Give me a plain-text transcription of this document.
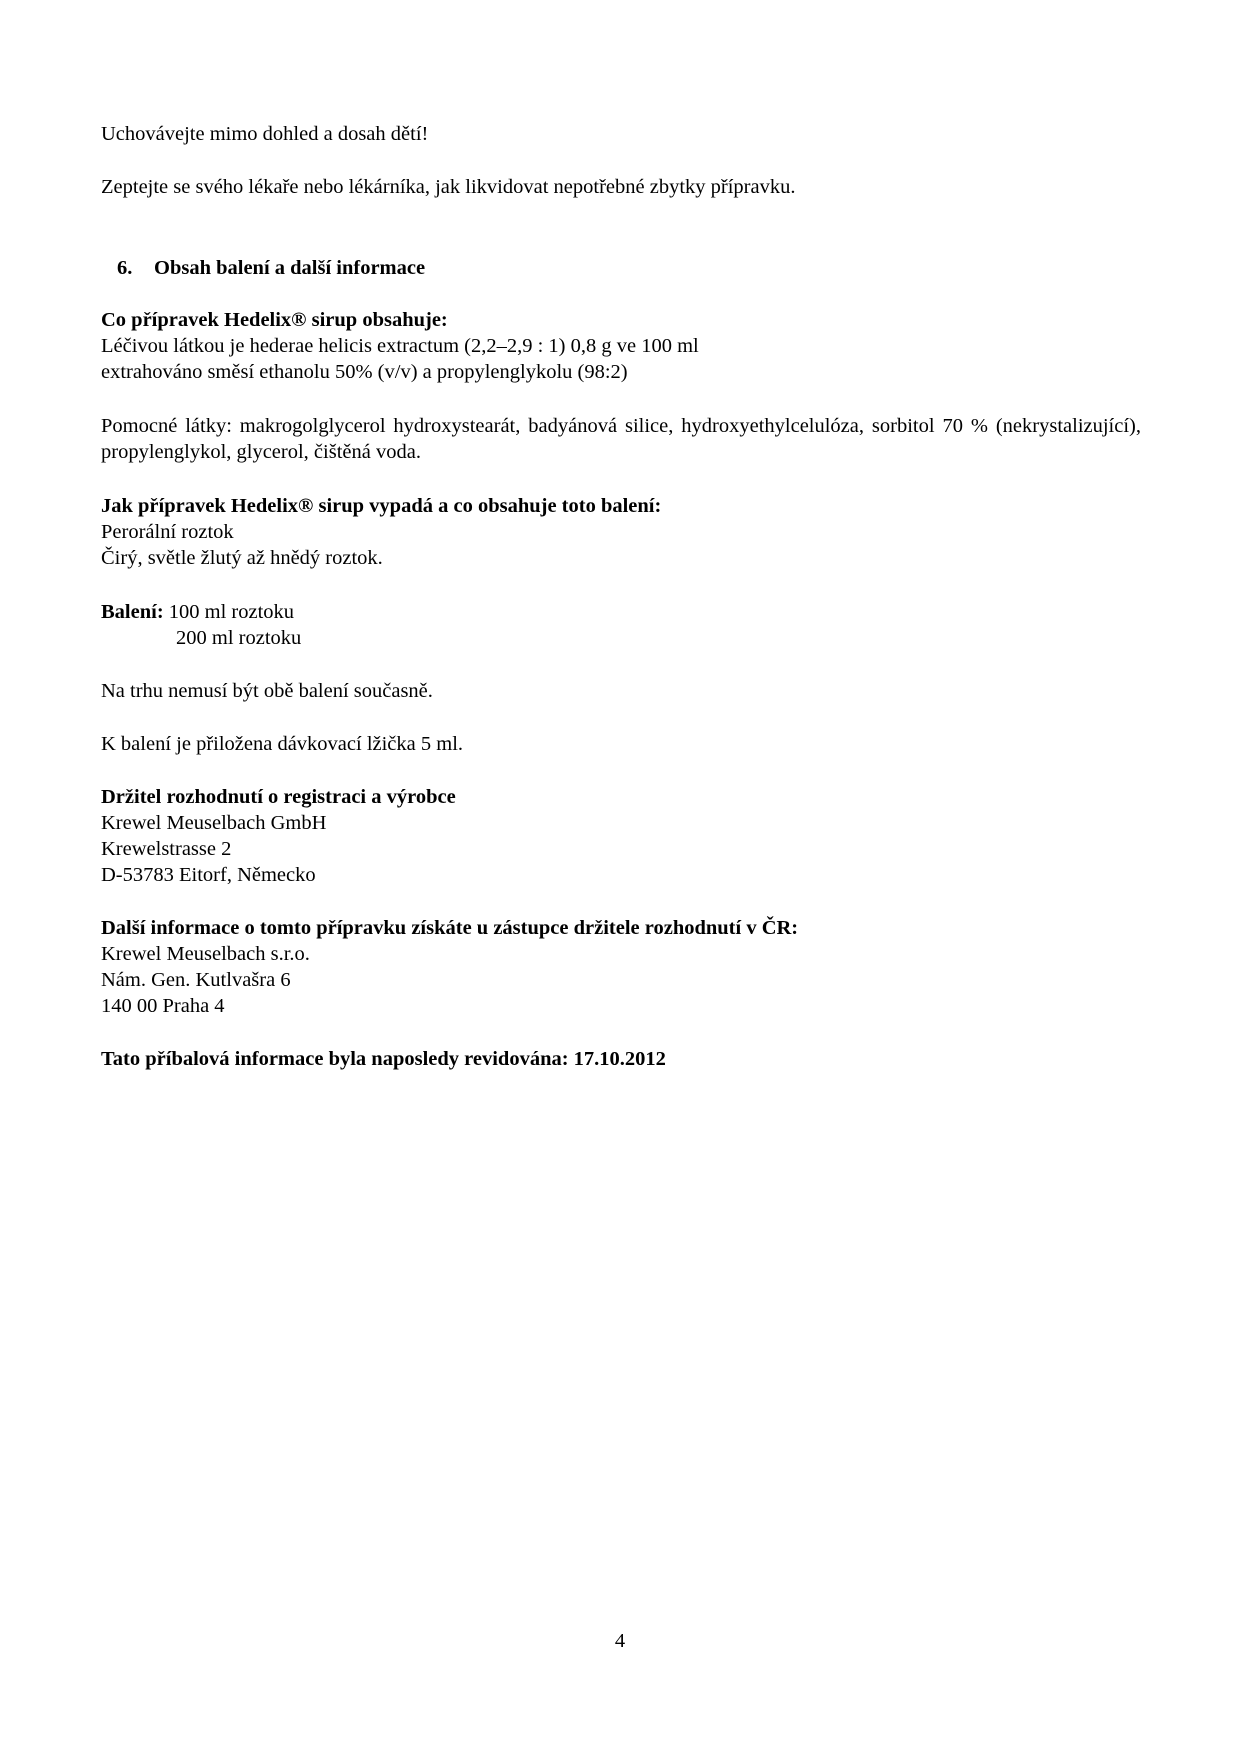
Uchovávejte mimo dohled a dosah dětí!
Zeptejte se svého lékaře nebo lékárníka, jak likvidovat nepotřebné zbytky přípravku.
6. Obsah balení a další informace
Co přípravek Hedelix® sirup obsahuje:
Léčivou látkou je hederae helicis extractum (2,2–2,9 : 1) 0,8 g ve 100 ml
extrahováno směsí ethanolu 50% (v/v) a propylenglykolu (98:2)
Pomocné látky: makrogolglycerol hydroxystearát, badyánová silice, hydroxyethylcelulóza, sorbitol 70 % (nekrystalizující), propylenglykol, glycerol, čištěná voda.
Jak přípravek Hedelix® sirup vypadá a co obsahuje toto balení:
Perorální roztok
Čirý, světle žlutý až hnědý roztok.
Balení: 100 ml roztoku
200 ml roztoku
Na trhu nemusí být obě balení současně.
K balení je přiložena dávkovací lžička 5 ml.
Držitel rozhodnutí o registraci a výrobce
Krewel Meuselbach GmbH
Krewelstrasse 2
D-53783 Eitorf, Německo
Další informace o tomto přípravku získáte u zástupce držitele rozhodnutí v ČR:
Krewel Meuselbach s.r.o.
Nám. Gen. Kutlvašra 6
140 00 Praha 4
Tato příbalová informace byla naposledy revidována: 17.10.2012
4
